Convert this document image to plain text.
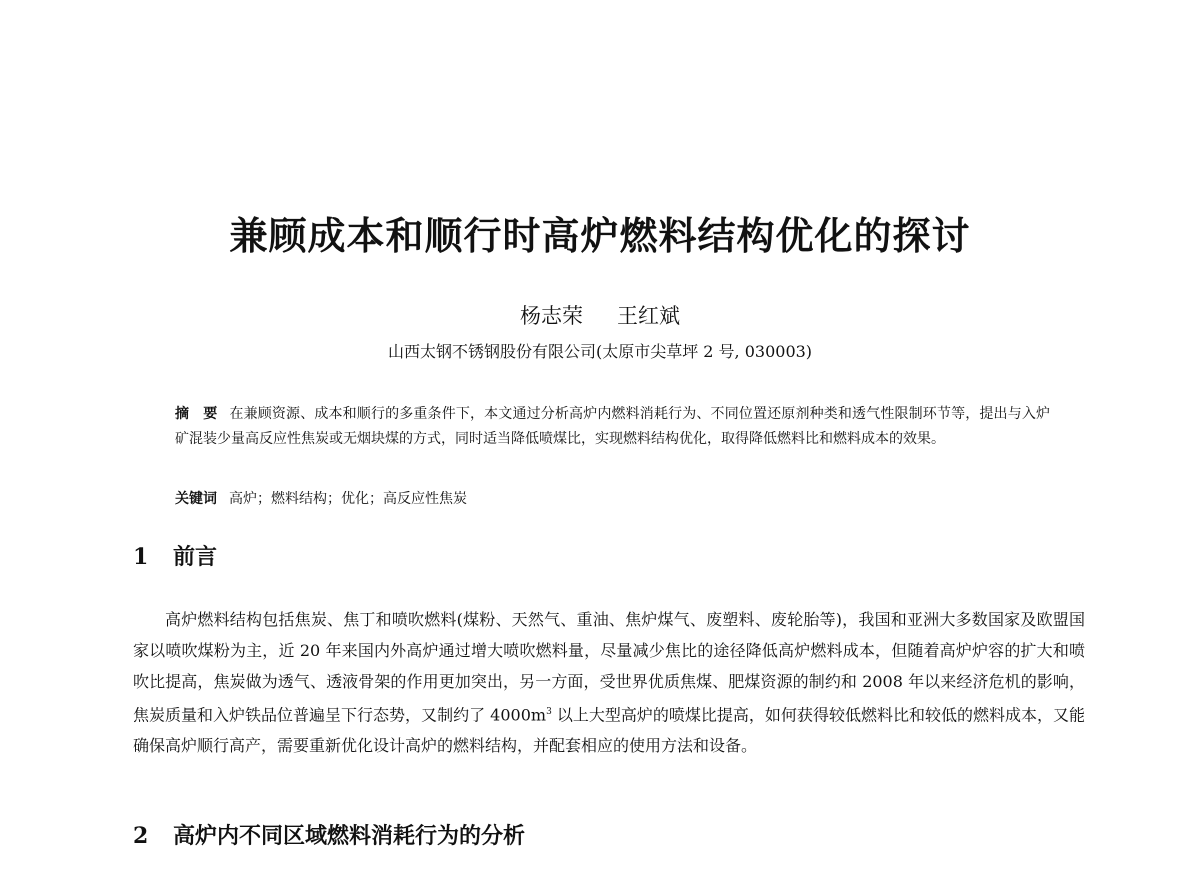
兼顾成本和顺行时高炉燃料结构优化的探讨

杨志荣 王红斌

山西太钢不锈钢股份有限公司(太原市尖草坪 2 号, 030003)

摘　要 在兼顾资源、成本和顺行的多重条件下，本文通过分析高炉内燃料消耗行为、不同位置还原剂种类和透气性限制环节等，提出与入炉矿混装少量高反应性焦炭或无烟块煤的方式，同时适当降低喷煤比，实现燃料结构优化，取得降低燃料比和燃料成本的效果。

关键词 高炉；燃料结构；优化；高反应性焦炭

1 前言

高炉燃料结构包括焦炭、焦丁和喷吹燃料(煤粉、天然气、重油、焦炉煤气、废塑料、废轮胎等)，我国和亚洲大多数国家及欧盟国家以喷吹煤粉为主，近 20 年来国内外高炉通过增大喷吹燃料量，尽量减少焦比的途径降低高炉燃料成本，但随着高炉炉容的扩大和喷吹比提高，焦炭做为透气、透液骨架的作用更加突出，另一方面，受世界优质焦煤、肥煤资源的制约和 2008 年以来经济危机的影响，焦炭质量和入炉铁品位普遍呈下行态势，又制约了 $4000m^3$ 以上大型高炉的喷煤比提高，如何获得较低燃料比和较低的燃料成本，又能确保高炉顺行高产，需要重新优化设计高炉的燃料结构，并配套相应的使用方法和设备。

2 高炉内不同区域燃料消耗行为的分析
